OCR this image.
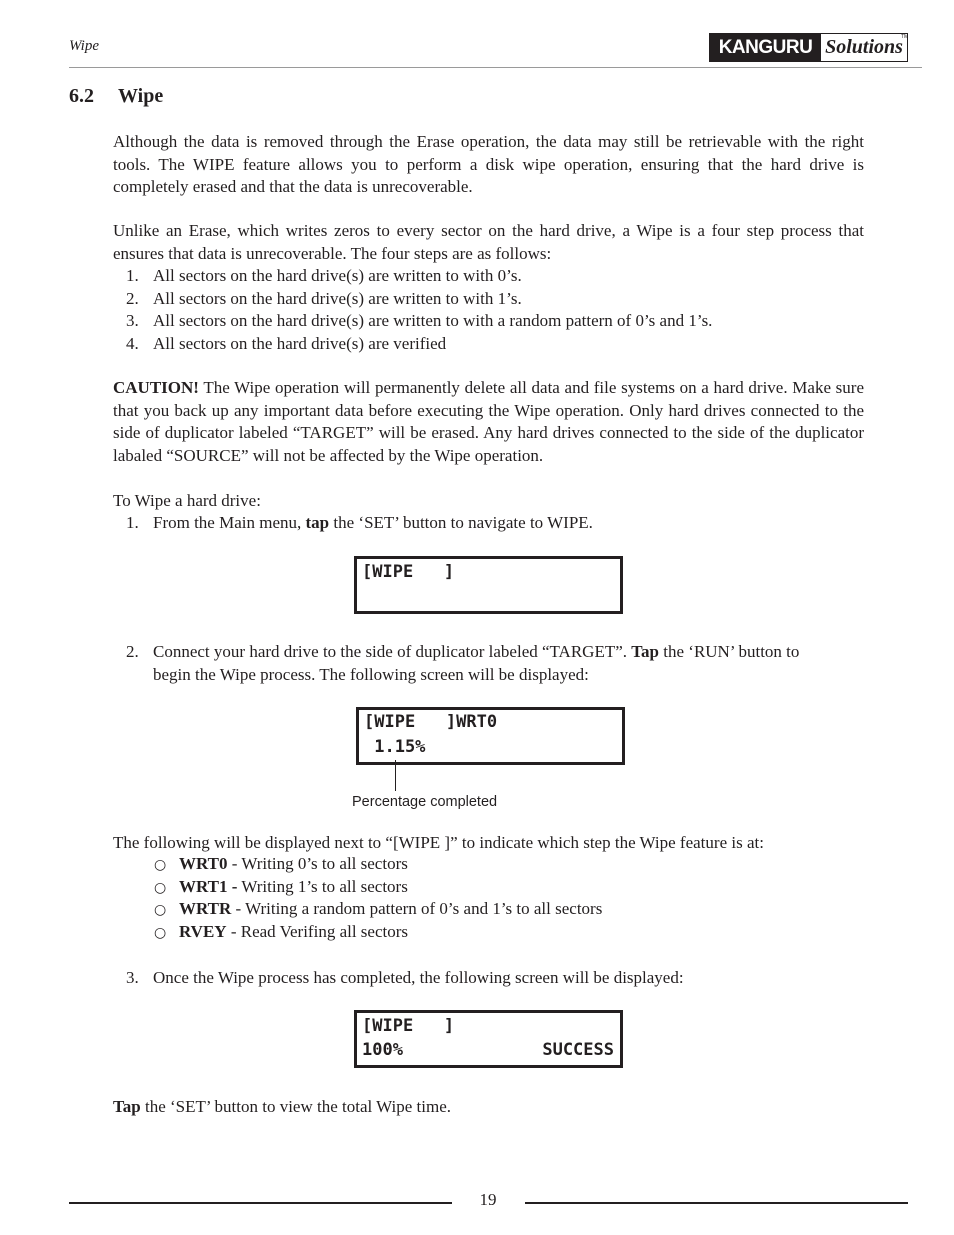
Wipe	KANGURU Solutions
TM
6.2 Wipe
Although the data is removed through the Erase operation, the data may still be retrievable with the right tools. The WIPE feature allows you to perform a disk wipe operation, ensuring that the hard drive is completely erased and that the data is unrecoverable.
Unlike an Erase, which writes zeros to every sector on the hard drive, a Wipe is a four step process that ensures that data is unrecoverable. The four steps are as follows:
1. All sectors on the hard drive(s) are written to with 0’s.
2. All sectors on the hard drive(s) are written to with 1’s.
3. All sectors on the hard drive(s) are written to with a random pattern of 0’s and 1’s.
4. All sectors on the hard drive(s) are verified
CAUTION! The Wipe operation will permanently delete all data and file systems on a hard drive. Make sure that you back up any important data before executing the Wipe operation. Only hard drives connected to the side of duplicator labeled “TARGET” will be erased. Any hard drives connected to the side of the duplicator labaled “SOURCE” will not be affected by the Wipe operation.
To Wipe a hard drive:
1. From the Main menu, tap the ‘SET’ button to navigate to WIPE.
[WIPE   ]
2. Connect your hard drive to the side of duplicator labeled “TARGET”. Tap the ‘RUN’ button to
begin the Wipe process. The following screen will be displayed:
[WIPE   ]WRT0
1.15%
Percentage completed
The following will be displayed next to “[WIPE ]” to indicate which step the Wipe feature is at:
○ WRT0 - Writing 0’s to all sectors
○ WRT1 - Writing 1’s to all sectors
○ WRTR - Writing a random pattern of 0’s and 1’s to all sectors
○ RVEY - Read Verifing all sectors
3. Once the Wipe process has completed, the following screen will be displayed:
[WIPE   ]
100%	SUCCESS
Tap the ‘SET’ button to view the total Wipe time.
19
